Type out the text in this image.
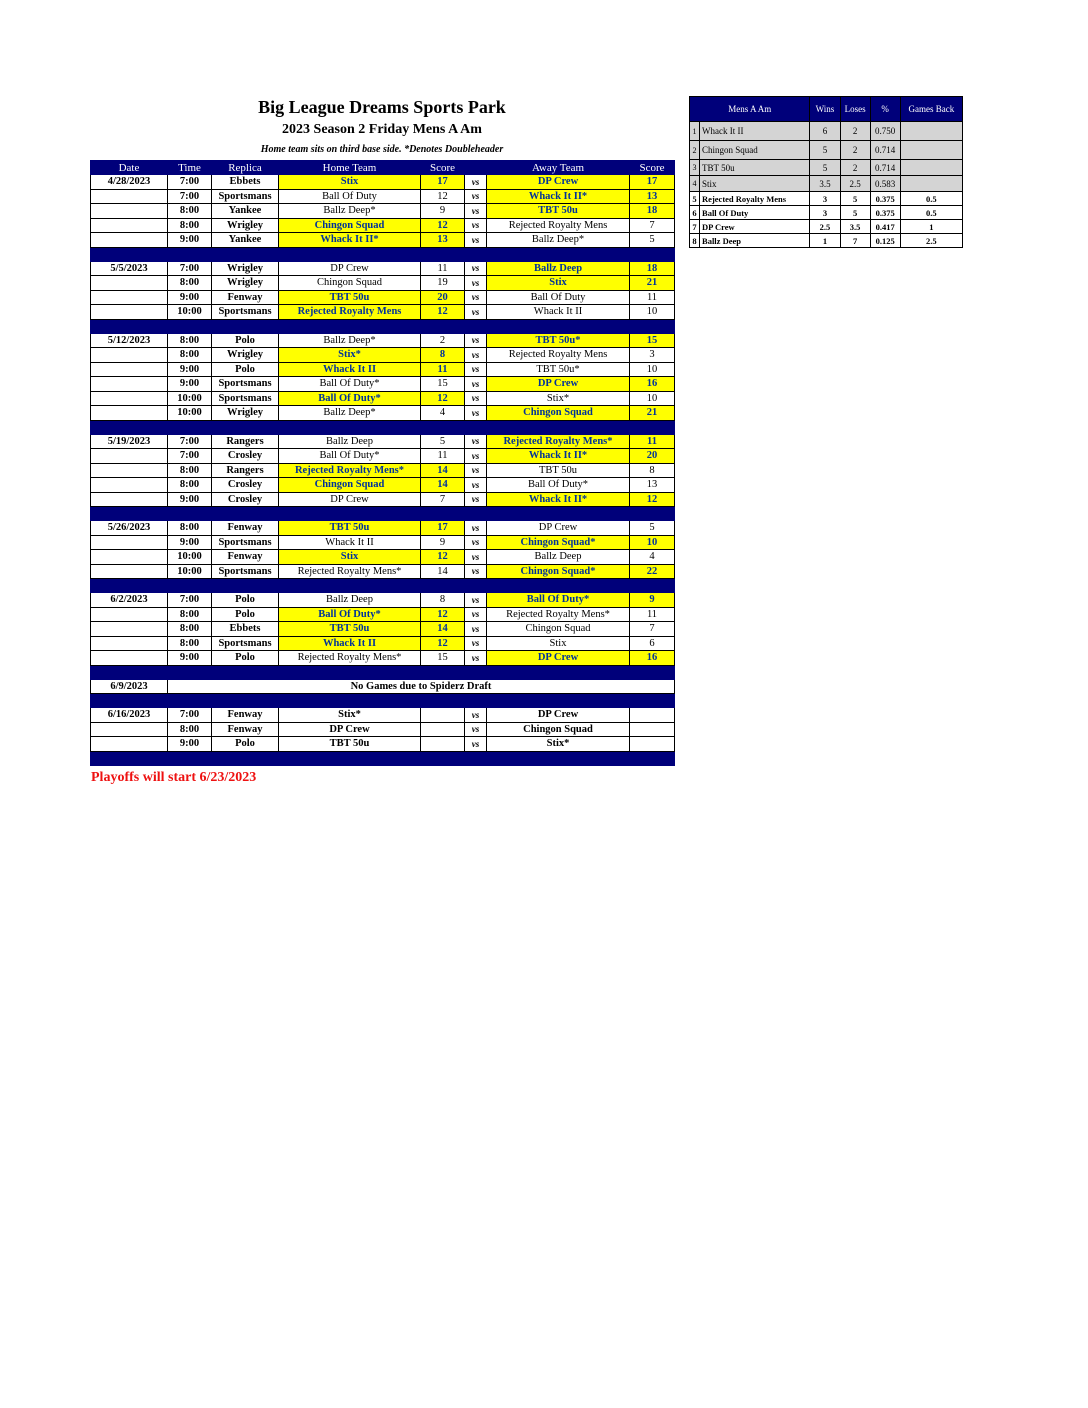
Big League Dreams Sports Park
2023 Season 2 Friday Mens A Am
Home team sits on third base side. *Denotes Doubleheader
Date	Time	Replica	Home Team	Score		Away Team	Score
4/28/2023	7:00	Ebbets	Stix	17	vs	DP Crew	17
	7:00	Sportsmans	Ball Of Duty	12	vs	Whack It II*	13
	8:00	Yankee	Ballz Deep*	9	vs	TBT 50u	18
	8:00	Wrigley	Chingon Squad	12	vs	Rejected Royalty Mens	7
	9:00	Yankee	Whack It II*	13	vs	Ballz Deep*	5

5/5/2023	7:00	Wrigley	DP Crew	11	vs	Ballz Deep	18
	8:00	Wrigley	Chingon Squad	19	vs	Stix	21
	9:00	Fenway	TBT 50u	20	vs	Ball Of Duty	11
	10:00	Sportsmans	Rejected Royalty Mens	12	vs	Whack It II	10

5/12/2023	8:00	Polo	Ballz Deep*	2	vs	TBT 50u*	15
	8:00	Wrigley	Stix*	8	vs	Rejected Royalty Mens	3
	9:00	Polo	Whack It II	11	vs	TBT 50u*	10
	9:00	Sportsmans	Ball Of Duty*	15	vs	DP Crew	16
	10:00	Sportsmans	Ball Of Duty*	12	vs	Stix*	10
	10:00	Wrigley	Ballz Deep*	4	vs	Chingon Squad	21

5/19/2023	7:00	Rangers	Ballz Deep	5	vs	Rejected Royalty Mens*	11
	7:00	Crosley	Ball Of Duty*	11	vs	Whack It II*	20
	8:00	Rangers	Rejected Royalty Mens*	14	vs	TBT 50u	8
	8:00	Crosley	Chingon Squad	14	vs	Ball Of Duty*	13
	9:00	Crosley	DP Crew	7	vs	Whack It II*	12

5/26/2023	8:00	Fenway	TBT 50u	17	vs	DP Crew	5
	9:00	Sportsmans	Whack It II	9	vs	Chingon Squad*	10
	10:00	Fenway	Stix	12	vs	Ballz Deep	4
	10:00	Sportsmans	Rejected Royalty Mens*	14	vs	Chingon Squad*	22

6/2/2023	7:00	Polo	Ballz Deep	8	vs	Ball Of Duty*	9
	8:00	Polo	Ball Of Duty*	12	vs	Rejected Royalty Mens*	11
	8:00	Ebbets	TBT 50u	14	vs	Chingon Squad	7
	8:00	Sportsmans	Whack It II	12	vs	Stix	6
	9:00	Polo	Rejected Royalty Mens*	15	vs	DP Crew	16

6/9/2023	No Games due to Spiderz Draft						

6/16/2023	7:00	Fenway	Stix*		vs	DP Crew	
	8:00	Fenway	DP Crew		vs	Chingon Squad	
	9:00	Polo	TBT 50u		vs	Stix*	

Playoffs will start 6/23/2023
Mens A Am		Wins	Loses	%	Games Back
1	Whack It II	6	2	0.750	
2	Chingon Squad	5	2	0.714	
3	TBT 50u	5	2	0.714	
4	Stix	3.5	2.5	0.583	
5	Rejected Royalty Mens	3	5	0.375	0.5
6	Ball Of Duty	3	5	0.375	0.5
7	DP Crew	2.5	3.5	0.417	1
8	Ballz Deep	1	7	0.125	2.5
